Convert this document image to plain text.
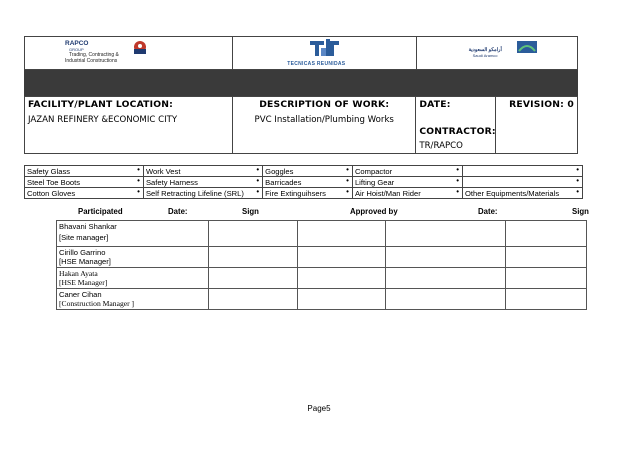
RAPCO
GROUP
Trading, Contracting &
Industrial Constructions	TECNICAS REUNIDAS
أرامكو السعودية
Saudi Aramco
FACILITY/PLANT LOCATION:
JAZAN REFINERY &ECONOMIC CITY
DESCRIPTION OF WORK:
PVC Installation/Plumbing Works
DATE:
CONTRACTOR:
TR/RAPCO
REVISION: 0
Safety Glass •	Work Vest •	Goggles •	Compactor •	•

Steel Toe Boots •	Safety Harness •	Barricades •	Lifting Gear •	•

Cotton Gloves •	Self Retracting Lifeline (SRL) •	Fire Extinguihsers •	Air Hoist/Man Rider •	Other Equipments/Materials •
Participated	Date:	Sign	Approved by	Date:	Sign
Bhavani Shankar
[Site manager]				

Cirillo Garrino
[HSE Manager]				

Hakan Ayata
[HSE Manager]				

Caner Cihan
[Construction Manager ]				

Page5
